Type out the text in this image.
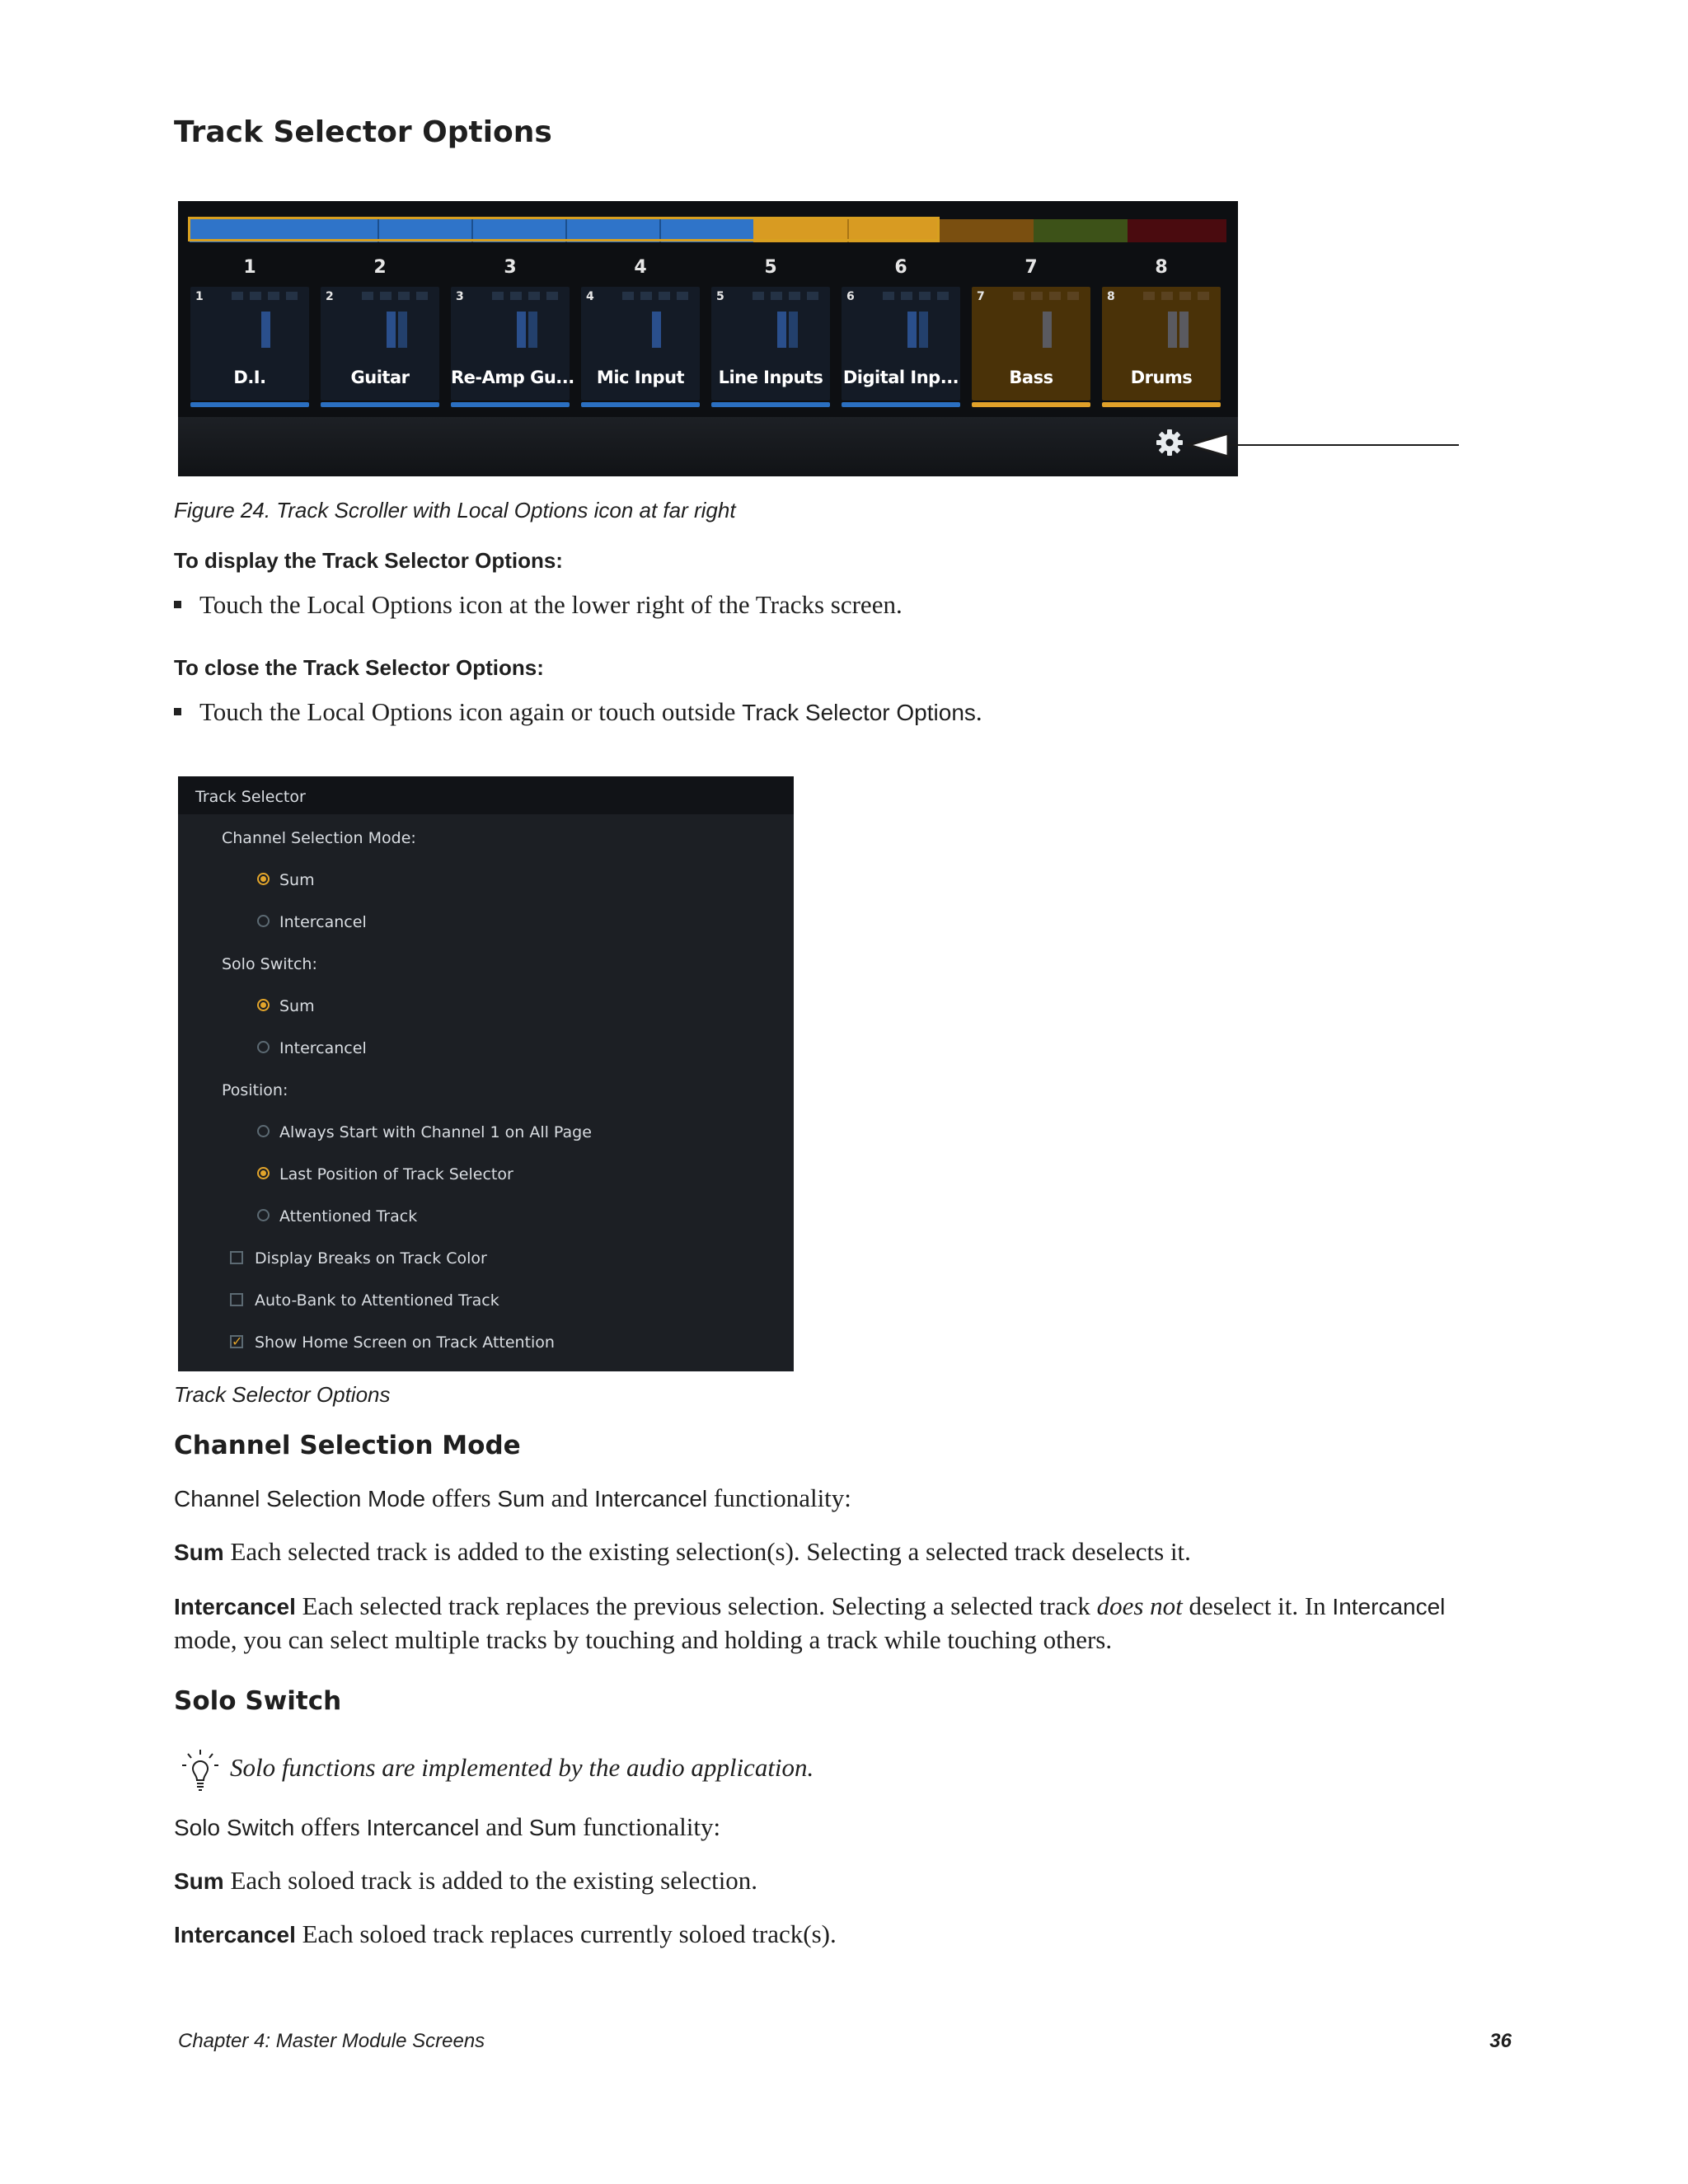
Track Selector Options
1	2	3	4	5	6	7	8
1
D.I.
2
Guitar
3
Re-Amp Gu...
4
Mic Input
5
Line Inputs
6
Digital Inp...
7
Bass
8
Drums
Figure 24. Track Scroller with Local Options icon at far right
To display the Track Selector Options:
Touch the Local Options icon at the lower right of the Tracks screen.
To close the Track Selector Options:
Touch the Local Options icon again or touch outside Track Selector Options.
Track Selector
Channel Selection Mode:
Sum
Intercancel
Solo Switch:
Sum
Intercancel
Position:
Always Start with Channel 1 on All Page
Last Position of Track Selector
Attentioned Track
Display Breaks on Track Color
Auto-Bank to Attentioned Track
✓ Show Home Screen on Track Attention
Track Selector Options
Channel Selection Mode
Channel Selection Mode offers Sum and Intercancel functionality:
Sum Each selected track is added to the existing selection(s). Selecting a selected track deselects it.
Intercancel Each selected track replaces the previous selection. Selecting a selected track does not deselect it. In Intercancel mode, you can select multiple tracks by touching and holding a track while touching others.
Solo Switch
Solo functions are implemented by the audio application.
Solo Switch offers Intercancel and Sum functionality:
Sum Each soloed track is added to the existing selection.
Intercancel Each soloed track replaces currently soloed track(s).
Chapter 4: Master Module Screens	36
